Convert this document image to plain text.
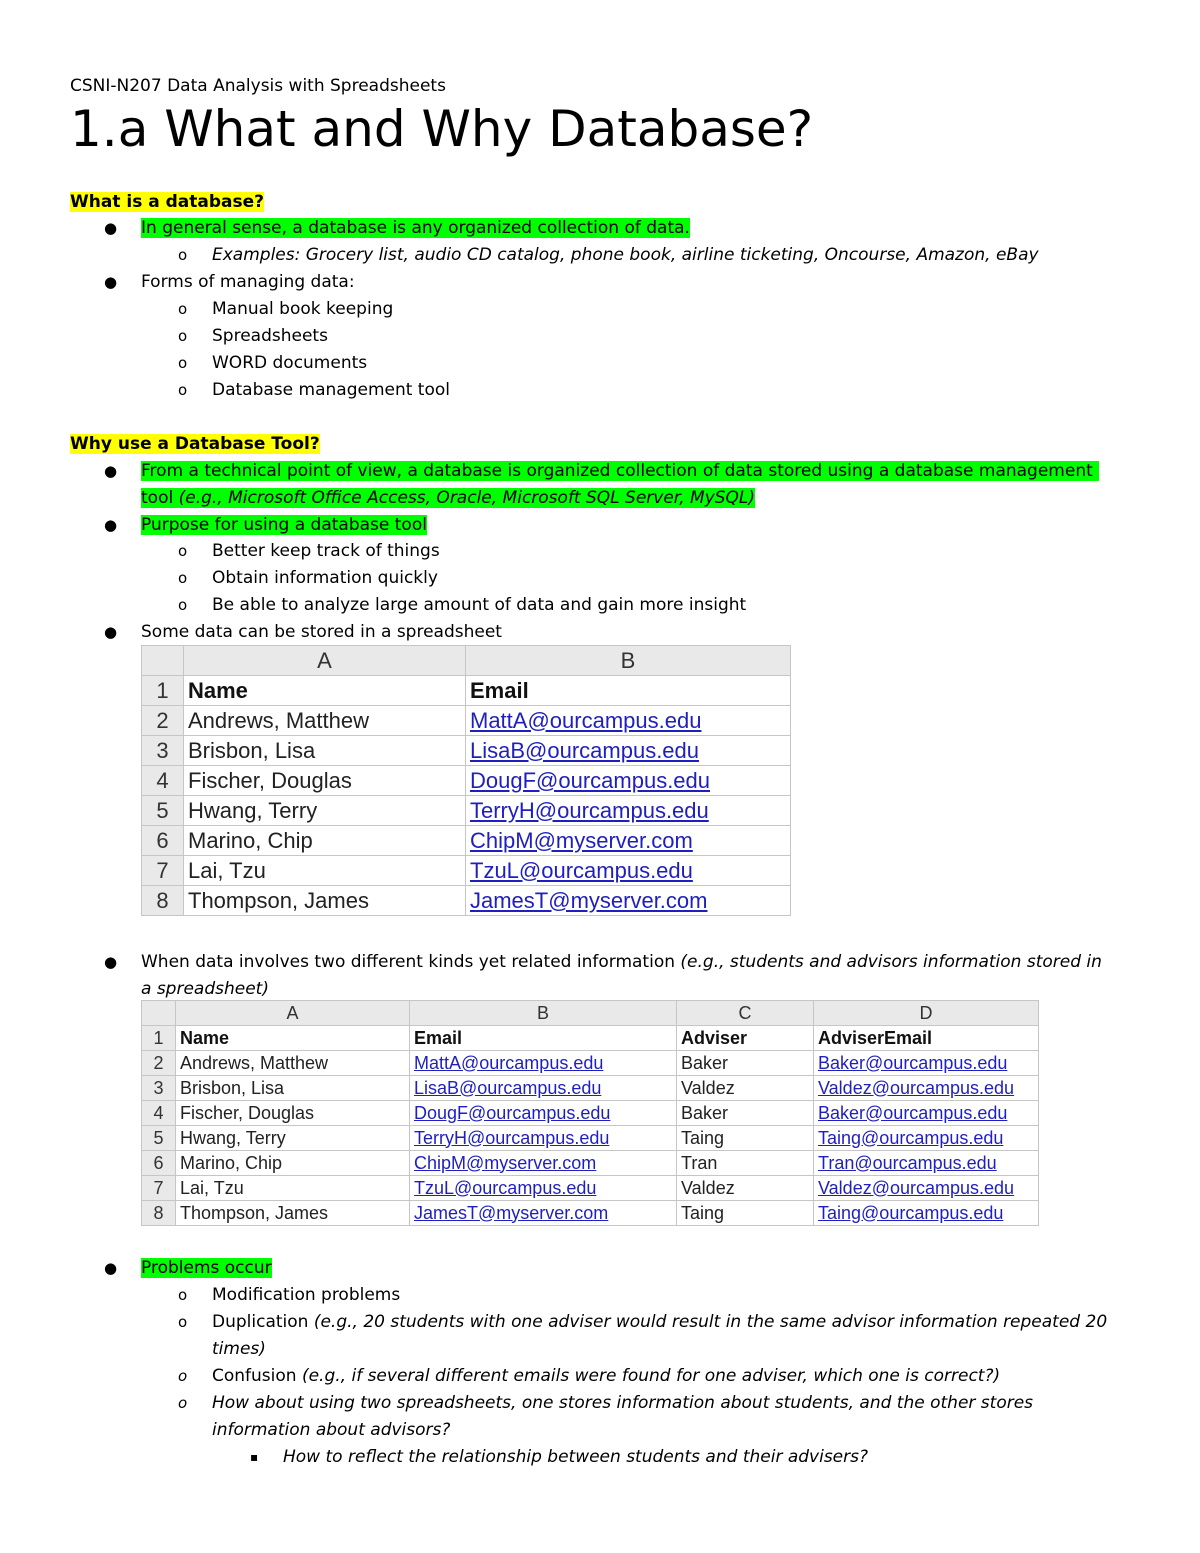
CSNI-N207 Data Analysis with Spreadsheets
1.a What and Why Database?
What is a database?
● In general sense, a database is any organized collection of data.
o Examples: Grocery list, audio CD catalog, phone book, airline ticketing, Oncourse, Amazon, eBay
● Forms of managing data:
o Manual book keeping
o Spreadsheets
o WORD documents
o Database management tool
Why use a Database Tool?
● From a technical point of view, a database is organized collection of data stored using a database management
tool (e.g., Microsoft Office Access, Oracle, Microsoft SQL Server, MySQL)
● Purpose for using a database tool
o Better keep track of things
o Obtain information quickly
o Be able to analyze large amount of data and gain more insight
● Some data can be stored in a spreadsheet
	A	B
1	Name	Email
2	Andrews, Matthew	MattA@ourcampus.edu
3	Brisbon, Lisa	LisaB@ourcampus.edu
4	Fischer, Douglas	DougF@ourcampus.edu
5	Hwang, Terry	TerryH@ourcampus.edu
6	Marino, Chip	ChipM@myserver.com
7	Lai, Tzu	TzuL@ourcampus.edu
8	Thompson, James	JamesT@myserver.com
● When data involves two different kinds yet related information (e.g., students and advisors information stored in
a spreadsheet)
	A	B	C	D
1	Name	Email	Adviser	AdviserEmail
2	Andrews, Matthew	MattA@ourcampus.edu	Baker	Baker@ourcampus.edu
3	Brisbon, Lisa	LisaB@ourcampus.edu	Valdez	Valdez@ourcampus.edu
4	Fischer, Douglas	DougF@ourcampus.edu	Baker	Baker@ourcampus.edu
5	Hwang, Terry	TerryH@ourcampus.edu	Taing	Taing@ourcampus.edu
6	Marino, Chip	ChipM@myserver.com	Tran	Tran@ourcampus.edu
7	Lai, Tzu	TzuL@ourcampus.edu	Valdez	Valdez@ourcampus.edu
8	Thompson, James	JamesT@myserver.com	Taing	Taing@ourcampus.edu
● Problems occur
o Modification problems
o Duplication (e.g., 20 students with one adviser would result in the same advisor information repeated 20
times)
o Confusion (e.g., if several different emails were found for one adviser, which one is correct?)
o How about using two spreadsheets, one stores information about students, and the other stores
information about advisors?
▪ How to reflect the relationship between students and their advisers?
